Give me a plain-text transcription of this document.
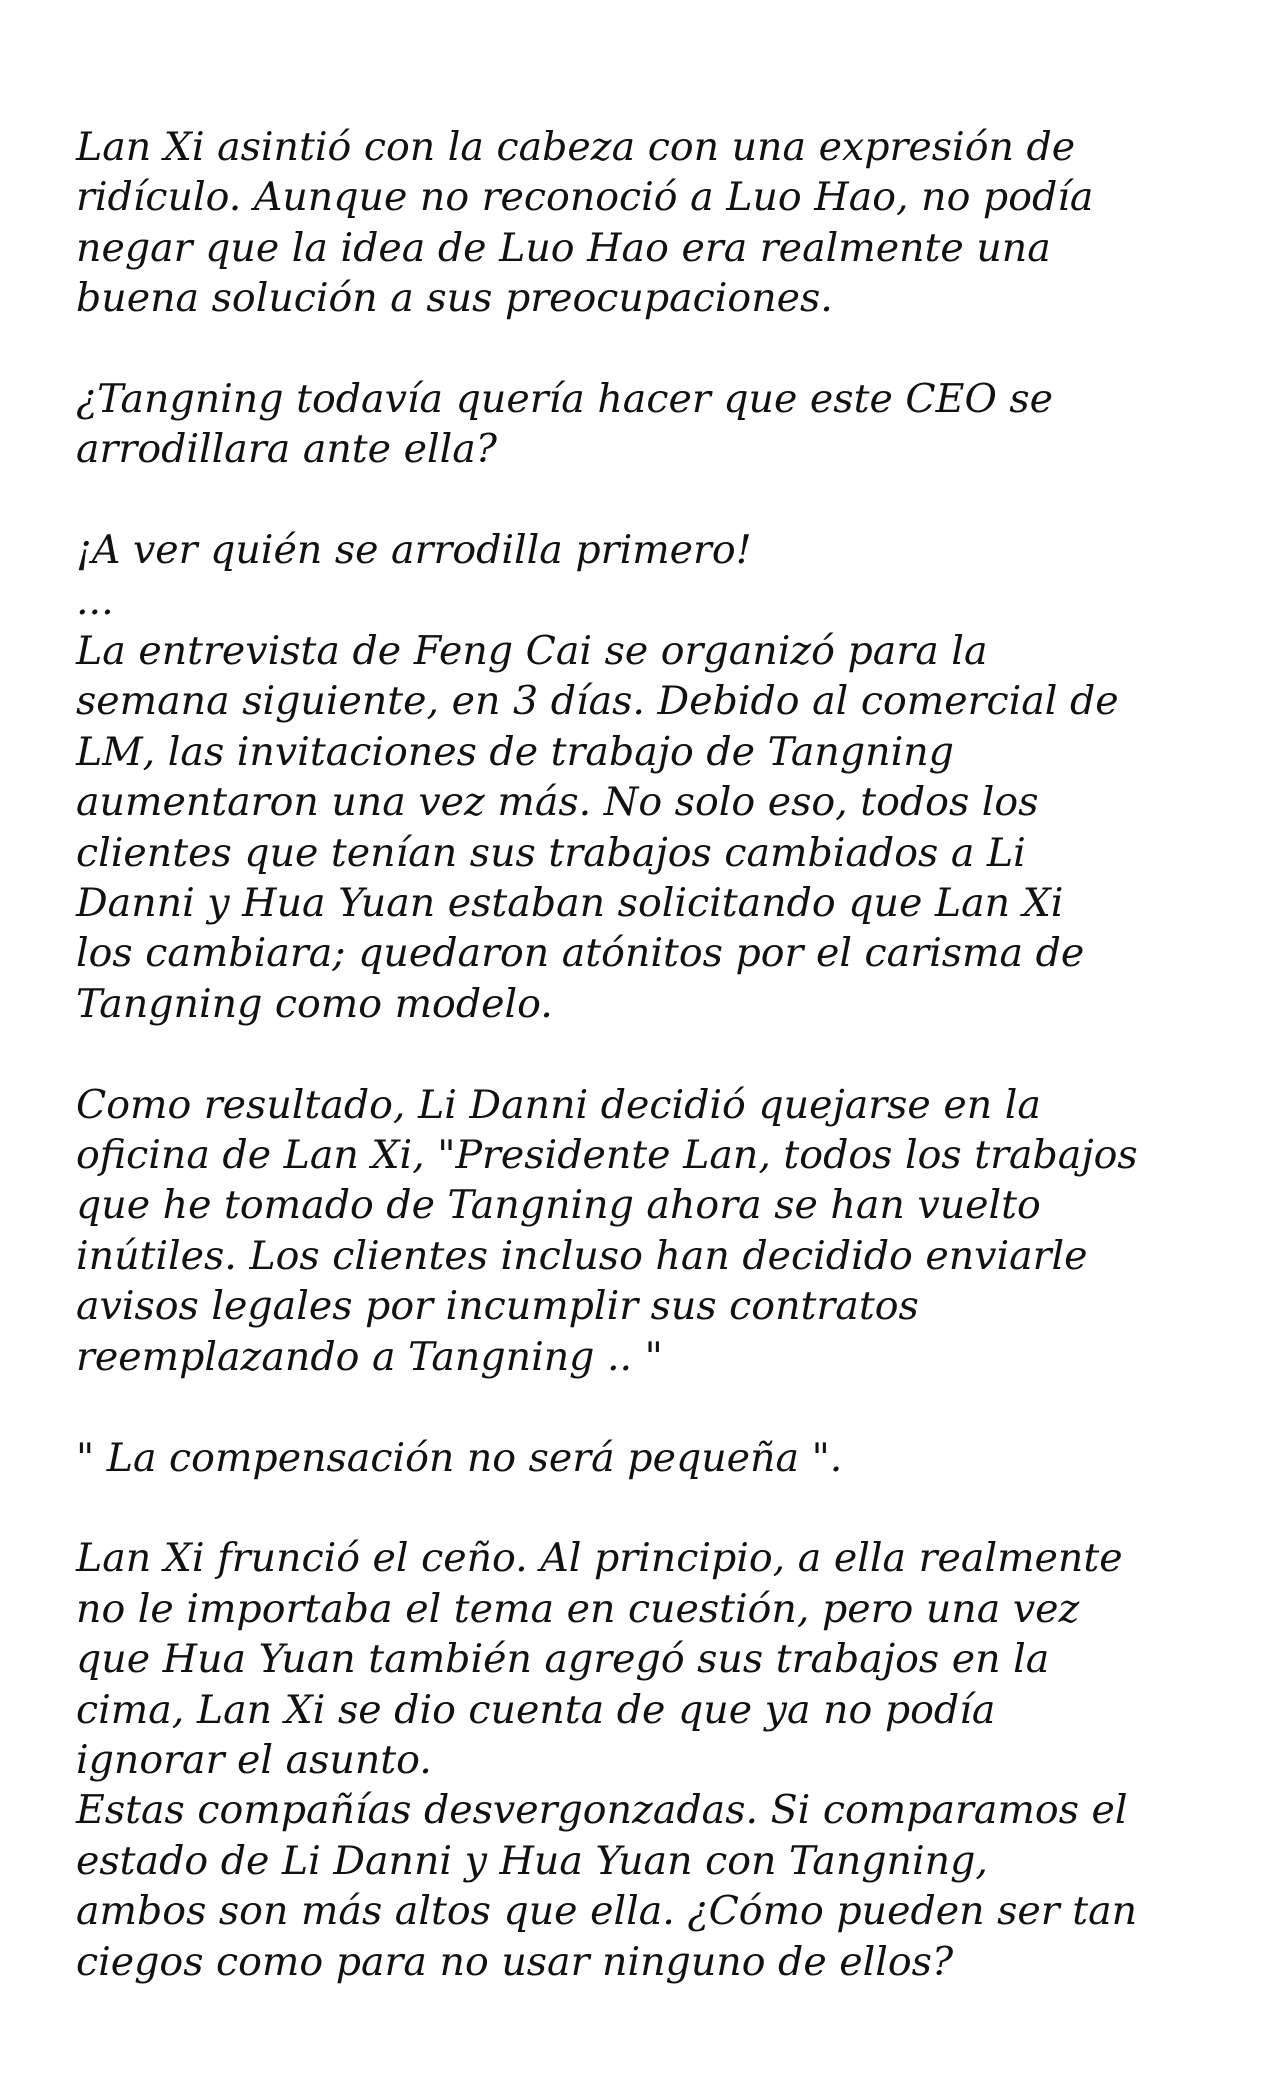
Lan Xi asintió con la cabeza con una expresión de
ridículo. Aunque no reconoció a Luo Hao, no podía
negar que la idea de Luo Hao era realmente una
buena solución a sus preocupaciones.

¿Tangning todavía quería hacer que este CEO se
arrodillara ante ella?

¡A ver quién se arrodilla primero!
...
La entrevista de Feng Cai se organizó para la
semana siguiente, en 3 días. Debido al comercial de
LM, las invitaciones de trabajo de Tangning
aumentaron una vez más. No solo eso, todos los
clientes que tenían sus trabajos cambiados a Li
Danni y Hua Yuan estaban solicitando que Lan Xi
los cambiara; quedaron atónitos por el carisma de
Tangning como modelo.

Como resultado, Li Danni decidió quejarse en la
oficina de Lan Xi, "Presidente Lan, todos los trabajos
que he tomado de Tangning ahora se han vuelto
inútiles. Los clientes incluso han decidido enviarle
avisos legales por incumplir sus contratos
reemplazando a Tangning .. "

" La compensación no será pequeña ".

Lan Xi frunció el ceño. Al principio, a ella realmente
no le importaba el tema en cuestión, pero una vez
que Hua Yuan también agregó sus trabajos en la
cima, Lan Xi se dio cuenta de que ya no podía
ignorar el asunto.
Estas compañías desvergonzadas. Si comparamos el
estado de Li Danni y Hua Yuan con Tangning,
ambos son más altos que ella. ¿Cómo pueden ser tan
ciegos como para no usar ninguno de ellos?
